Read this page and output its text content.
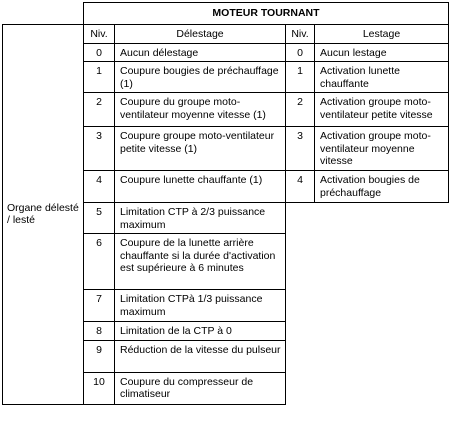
	MOTEUR TOURNANT			
Organe délesté / lesté	Niv.	Délestage	Niv.	Lestage
	0	Aucun délestage	0	Aucun lestage
	1	Coupure bougies de préchauffage (1)	1	Activation lunette chauffante
	2	Coupure du groupe moto-ventilateur moyenne vitesse (1)	2	Activation groupe moto-ventilateur petite vitesse
	3	Coupure groupe moto-ventilateur petite vitesse (1)	3	Activation groupe moto-ventilateur moyenne vitesse
	4	Coupure lunette chauffante (1)	4	Activation bougies de préchauffage
	5	Limitation CTP à 2/3 puissance maximum		
	6	Coupure de la lunette arrière chauffante si la durée d'activation est supérieure à 6 minutes		
	7	Limitation CTPà 1/3 puissance maximum		
	8	Limitation de la CTP à 0		
	9	Réduction de la vitesse du pulseur		
	10	Coupure du compresseur de climatiseur		
